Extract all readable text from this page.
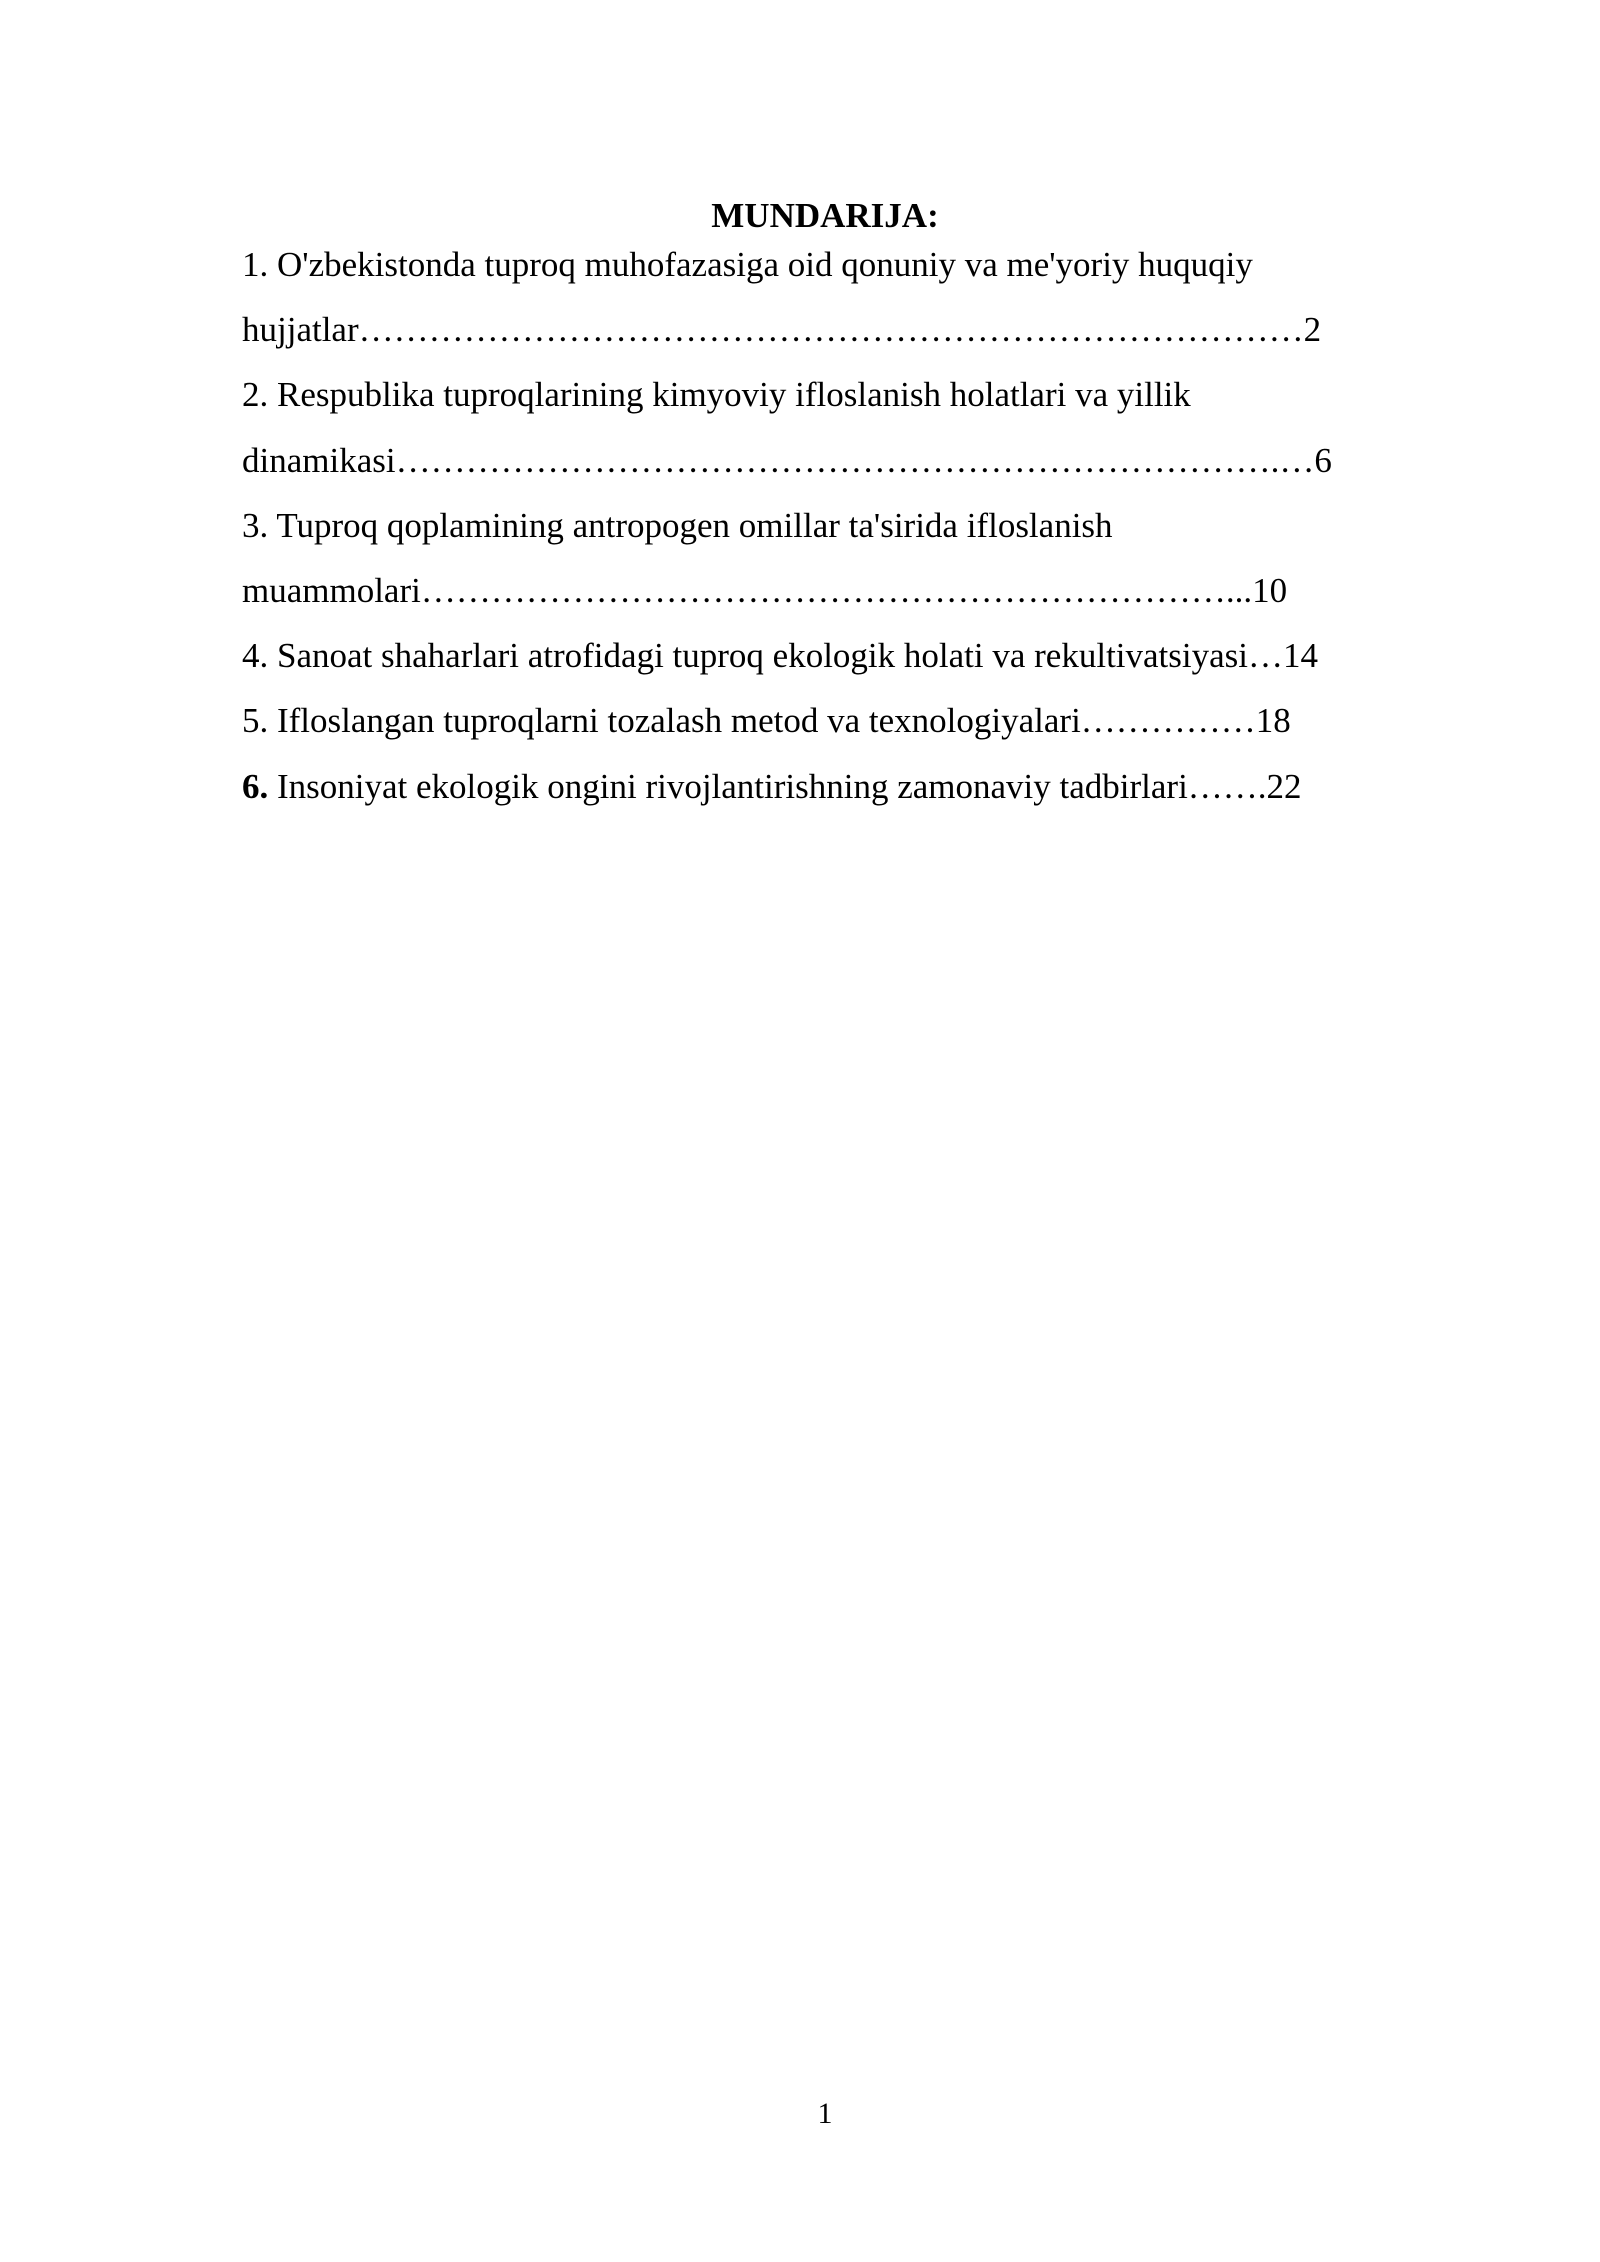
MUNDARIJA:
1. O'zbekistonda tuproq muhofazasiga oid qonuniy va me'yoriy huquqiy
hujjatlar………………………………………………………………………2
2. Respublika tuproqlarining kimyoviy ifloslanish holatlari va yillik
dinamikasi………………………………………………………………….…6
3. Tuproq qoplamining antropogen omillar ta'sirida ifloslanish
muammolari……………………………………………………………...10
4. Sanoat shaharlari atrofidagi tuproq ekologik holati va rekultivatsiyasi…14
5. Ifloslangan tuproqlarni tozalash metod va texnologiyalari……………18
6. Insoniyat ekologik ongini rivojlantirishning zamonaviy tadbirlari…….22
1
